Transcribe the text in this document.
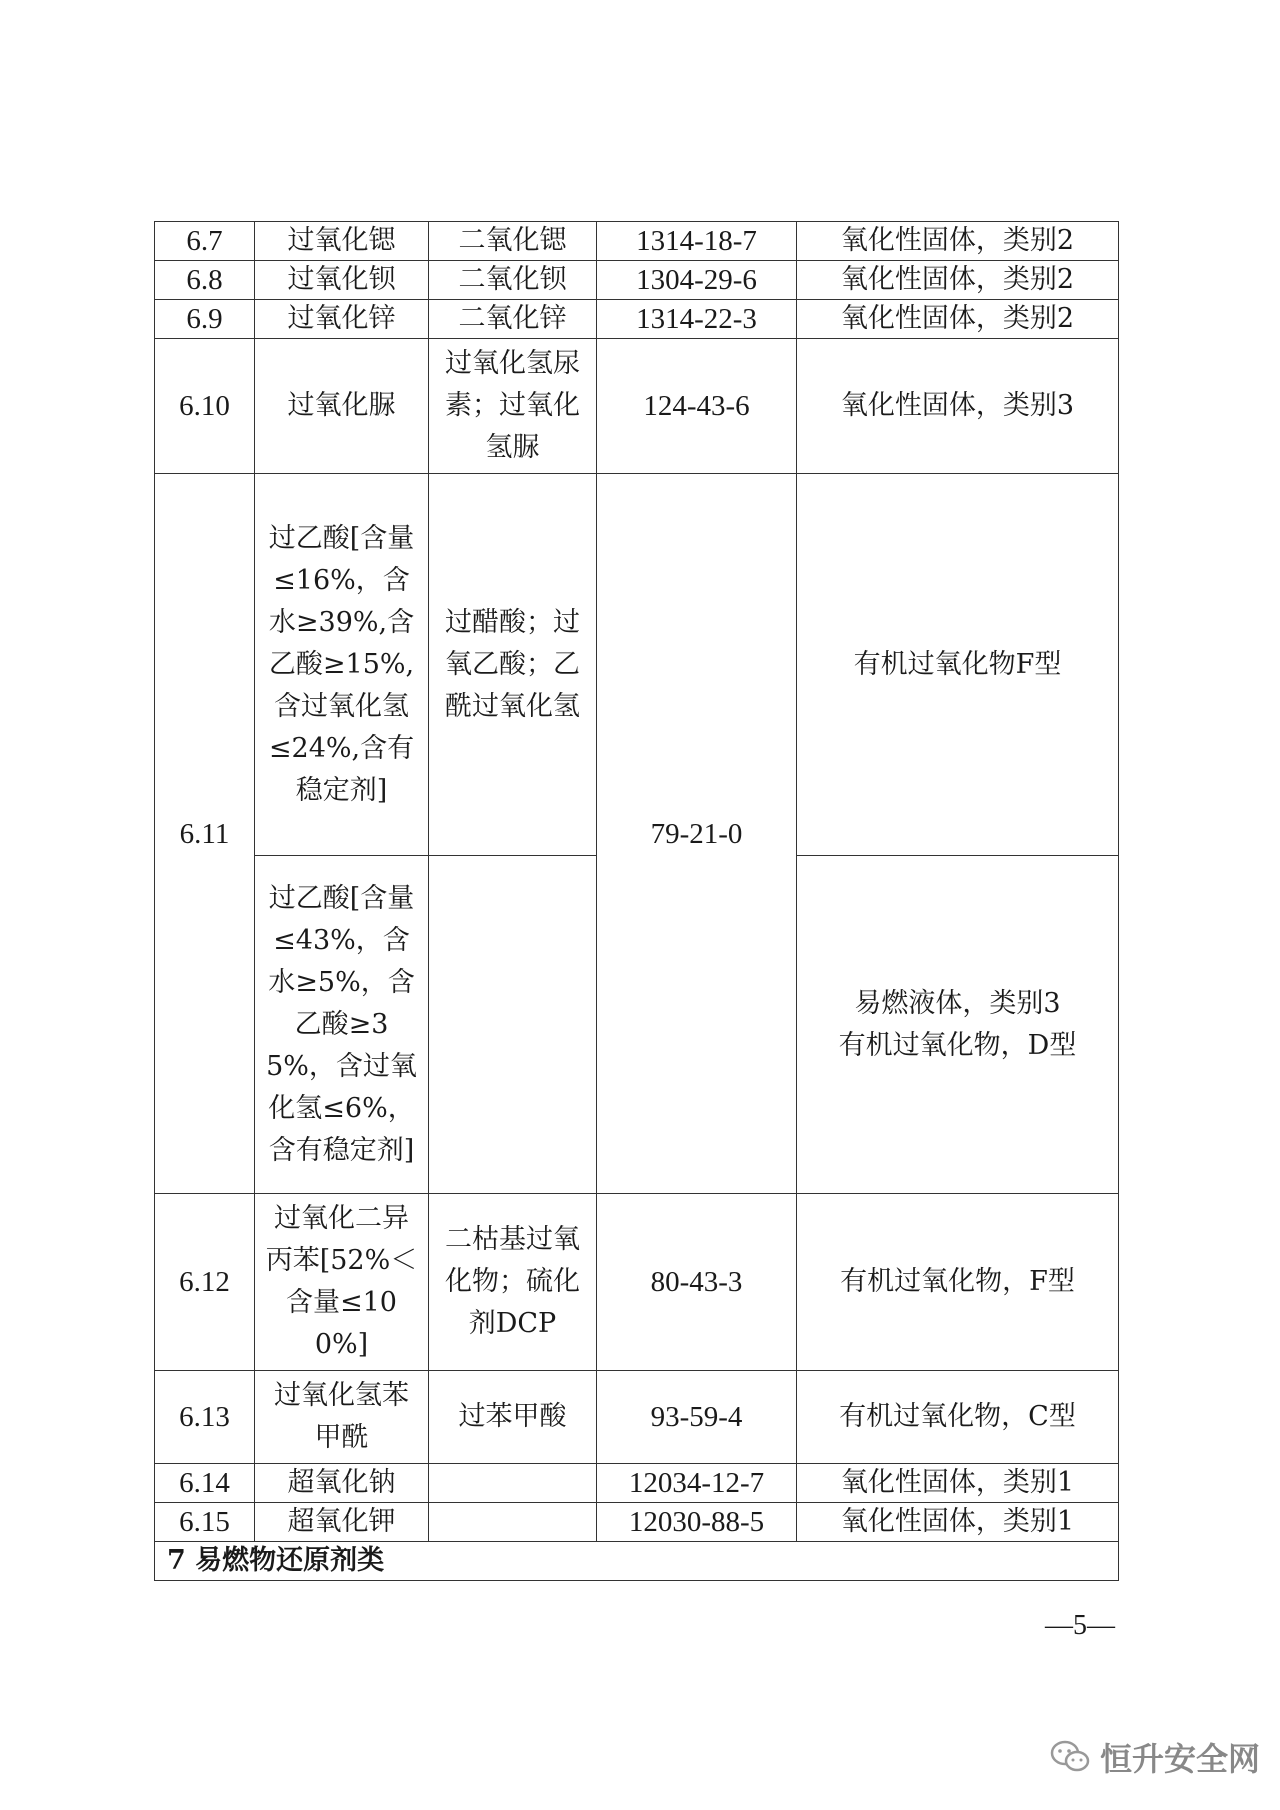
6.7	过氧化锶	二氧化锶	1314-18-7	氧化性固体，类别2
6.8	过氧化钡	二氧化钡	1304-29-6	氧化性固体，类别2
6.9	过氧化锌	二氧化锌	1314-22-3	氧化性固体，类别2
6.10	过氧化脲	过氧化氢尿素；过氧化氢脲	124-43-6	氧化性固体，类别3
6.11	过乙酸[含量≤16%，含水≥39%,含乙酸≥15%,含过氧化氢≤24%,含有稳定剂]	过醋酸；过氧乙酸；乙酰过氧化氢	79-21-0	有机过氧化物F型
	过乙酸[含量≤43%，含水≥5%，含乙酸≥35%，含过氧化氢≤6%，含有稳定剂]			易燃液体，类别3
有机过氧化物，D型

6.12	过氧化二异丙苯[52%＜含量≤100%]	二枯基过氧化物；硫化剂DCP	80-43-3	有机过氧化物，F型
6.13	过氧化氢苯甲酰	过苯甲酸	93-59-4	有机过氧化物，C型
6.14	超氧化钠		12034-12-7	氧化性固体，类别1
6.15	超氧化钾		12030-88-5	氧化性固体，类别1
7 易燃物还原剂类				
—5—
恒升安全网
